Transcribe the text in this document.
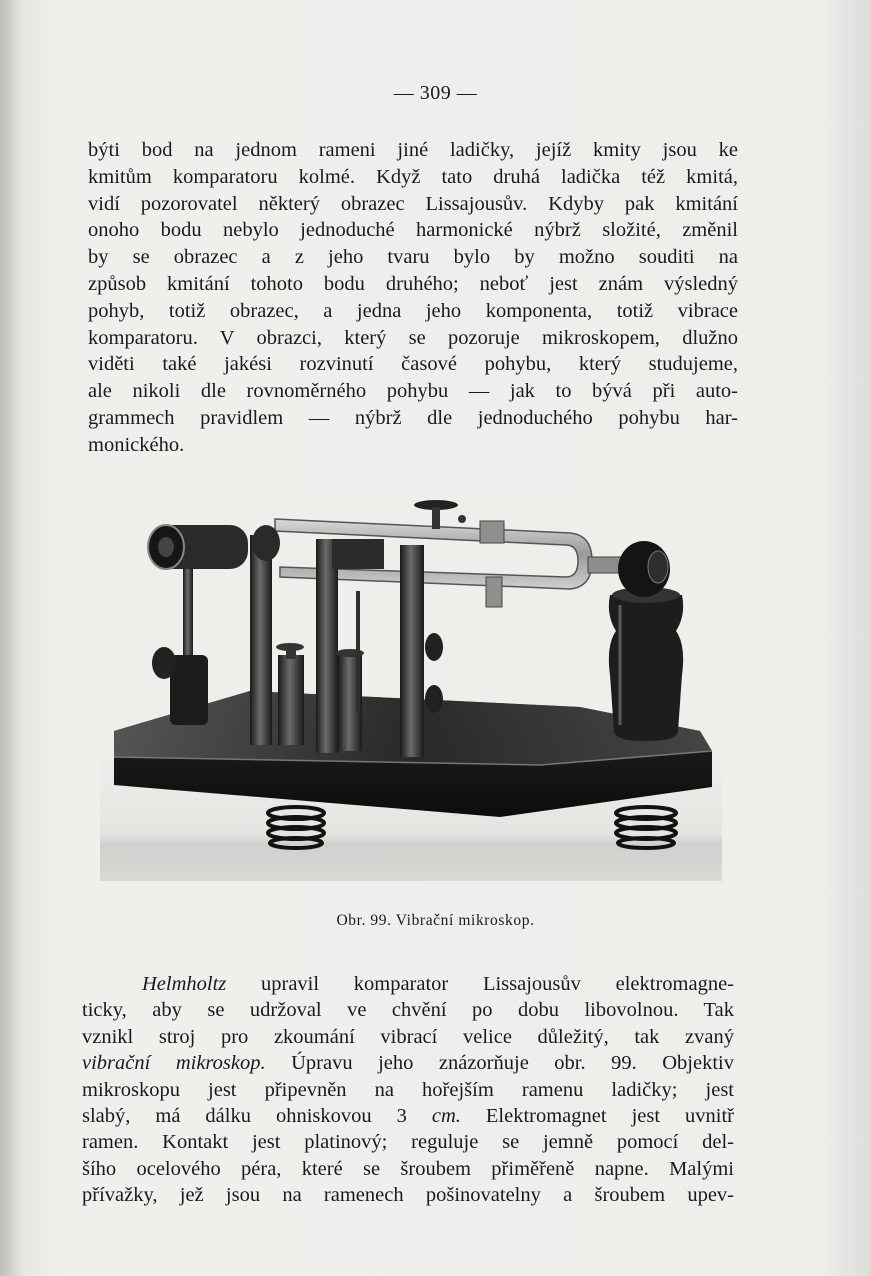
— 309 —
býti bod na jednom rameni jiné ladičky, jejíž kmity jsou ke
kmitům komparatoru kolmé. Když tato druhá ladička též kmitá,
vidí pozorovatel některý obrazec Lissajousův. Kdyby pak kmitání
onoho bodu nebylo jednoduché harmonické nýbrž složité, změnil
by se obrazec a z jeho tvaru bylo by možno souditi na
způsob kmitání tohoto bodu druhého; neboť jest znám výsledný
pohyb, totiž obrazec, a jedna jeho komponenta, totiž vibrace
komparatoru. V obrazci, který se pozoruje mikroskopem, dlužno
viděti také jakési rozvinutí časové pohybu, který studujeme,
ale nikoli dle rovnoměrného pohybu — jak to bývá při auto-
grammech pravidlem — nýbrž dle jednoduchého pohybu har-
monického.
Obr. 99. Vibrační mikroskop.
Helmholtz upravil komparator Lissajousův elektromagne-
ticky, aby se udržoval ve chvění po dobu libovolnou. Tak
vznikl stroj pro zkoumání vibrací velice důležitý, tak zvaný
vibrační mikroskop. Úpravu jeho znázorňuje obr. 99. Objektiv
mikroskopu jest připevněn na hořejším ramenu ladičky; jest
slabý, má dálku ohniskovou 3 cm. Elektromagnet jest uvnitř
ramen. Kontakt jest platinový; reguluje se jemně pomocí del-
šího ocelového péra, které se šroubem přiměřeně napne. Malými
přívažky, jež jsou na ramenech pošinovatelny a šroubem upev-
